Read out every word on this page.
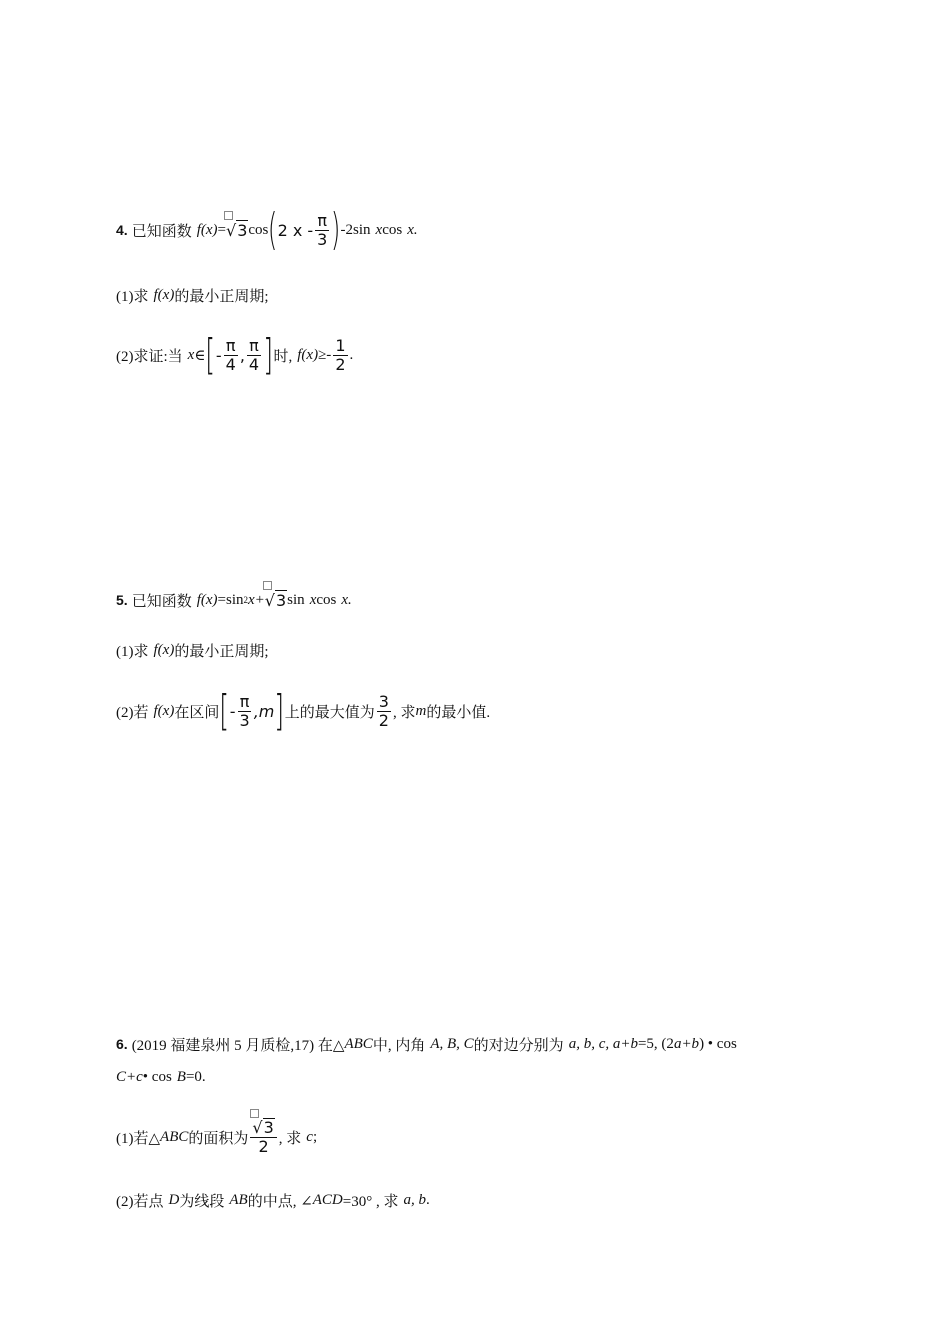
4. 已知函数 f(x) = √ 3 cos ( 2 x - $\frac{\pi}{3}$ ) -2sin x cos x.
(1)求 f(x) 的最小正周期;
(2)求证:当 x ∈ [ - $\frac{\pi}{4}$ , $\frac{\pi}{4}$ ] 时, $f(x) \ge- \frac{1}{2}$ .
5. 已知函数 f(x) =sin 2 x+ √ 3 sin x cos x.
(1)求 f(x) 的最小正周期;
(2)若 f(x) 在区间 [ - $\frac{\pi}{3} ,m$ ] 上的最大值为 $\frac{3}{2}$ , 求 m 的最小值.
6. (2019 福建泉州 5 月质检,17) 在△ ABC 中, 内角 A, B, C 的对边分别为 a, b, c, a+b =5, (2 a+b ) • cos
C+c • cos B =0.
(1)若△ ABC 的面积为 $\frac{√ 3}{2}$ , 求 c ;
(2)若点 D 为线段 AB 的中点, ∠ ACD =30° , 求 a, b .
